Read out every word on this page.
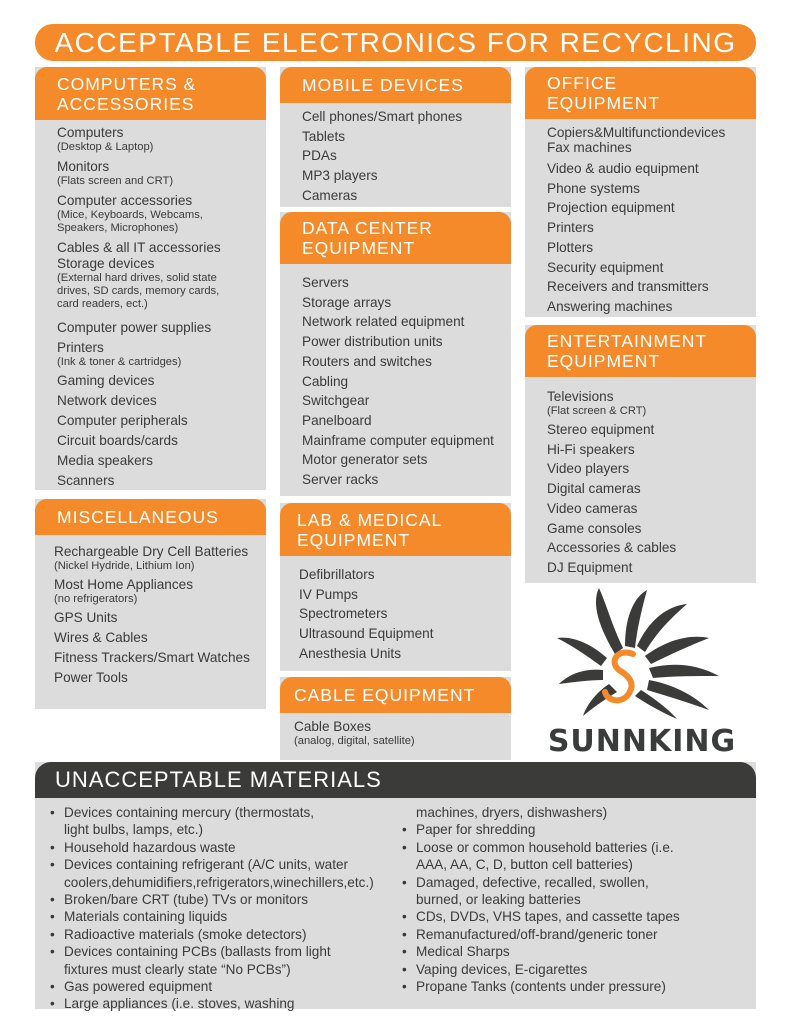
ACCEPTABLE ELECTRONICS FOR RECYCLING
COMPUTERS &
ACCESSORIES
Computers
(Desktop & Laptop)
Monitors
(Flats screen and CRT)
Computer accessories
(Mice, Keyboards, Webcams,
Speakers, Microphones)
Cables & all IT accessories
Storage devices
(External hard drives, solid state
drives, SD cards, memory cards,
card readers, ect.)
Computer power supplies
Printers
(Ink & toner & cartridges)
Gaming devices
Network devices
Computer peripherals
Circuit boards/cards
Media speakers
Scanners
MISCELLANEOUS
Rechargeable Dry Cell Batteries
(Nickel Hydride, Lithium Ion)
Most Home Appliances
(no refrigerators)
GPS Units
Wires & Cables
Fitness Trackers/Smart Watches
Power Tools
MOBILE DEVICES
Cell phones/Smart phones
Tablets
PDAs
MP3 players
Cameras
DATA CENTER
EQUIPMENT
Servers
Storage arrays
Network related equipment
Power distribution units
Routers and switches
Cabling
Switchgear
Panelboard
Mainframe computer equipment
Motor generator sets
Server racks
LAB & MEDICAL
EQUIPMENT
Defibrillators
IV Pumps
Spectrometers
Ultrasound Equipment
Anesthesia Units
CABLE EQUIPMENT
Cable Boxes
(analog, digital, satellite)
OFFICE
EQUIPMENT
Copiers&Multifunctiondevices
Fax machines
Video & audio equipment
Phone systems
Projection equipment
Printers
Plotters
Security equipment
Receivers and transmitters
Answering machines
ENTERTAINMENT
EQUIPMENT
Televisions
(Flat screen & CRT)
Stereo equipment
Hi-Fi speakers
Video players
Digital cameras
Video cameras
Game consoles
Accessories & cables
DJ Equipment
SUNNKING
UNACCEPTABLE MATERIALS
• Devices containing mercury (thermostats,
light bulbs, lamps, etc.)
• Household hazardous waste
• Devices containing refrigerant (A/C units, water
coolers,dehumidifiers,refrigerators,winechillers,etc.)
• Broken/bare CRT (tube) TVs or monitors
• Materials containing liquids
• Radioactive materials (smoke detectors)
• Devices containing PCBs (ballasts from light
fixtures must clearly state “No PCBs”)
• Gas powered equipment
• Large appliances (i.e. stoves, washing
machines, dryers, dishwashers)
• Paper for shredding
• Loose or common household batteries (i.e.
AAA, AA, C, D, button cell batteries)
• Damaged, defective, recalled, swollen,
burned, or leaking batteries
• CDs, DVDs, VHS tapes, and cassette tapes
• Remanufactured/off-brand/generic toner
• Medical Sharps
• Vaping devices, E-cigarettes
• Propane Tanks (contents under pressure)
